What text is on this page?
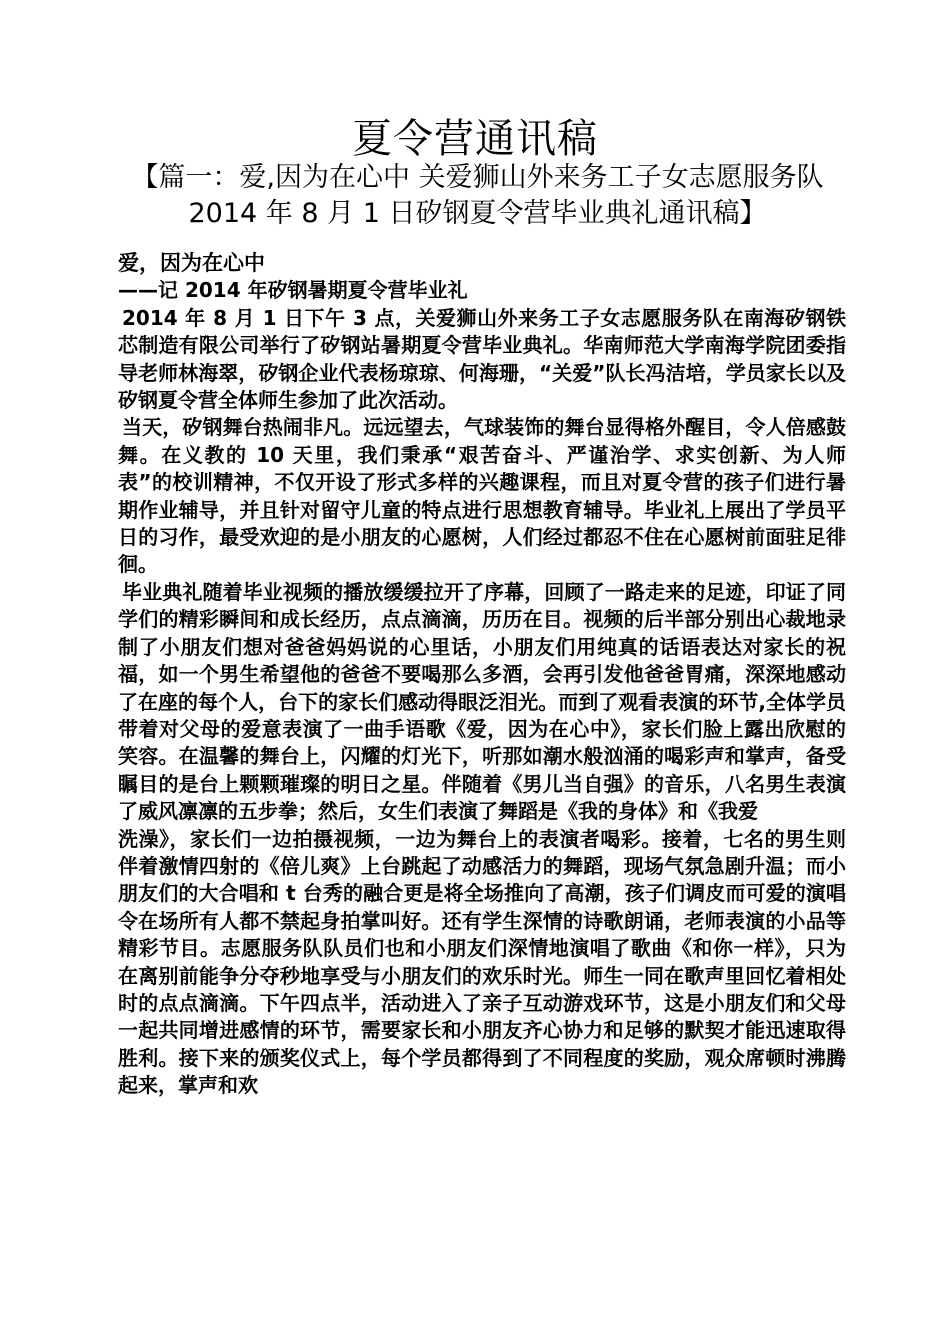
夏令营通讯稿

【篇一：爱,因为在心中 关爱狮山外来务工子女志愿服务队 2014 年 8 月 1 日矽钢夏令营毕业典礼通讯稿】

爱，因为在心中

——记 2014 年矽钢暑期夏令营毕业礼

2014 年 8 月 1 日下午 3 点，关爱狮山外来务工子女志愿服务队在南海矽钢铁芯制造有限公司举行了矽钢站暑期夏令营毕业典礼。华南师范大学南海学院团委指导老师林海翠，矽钢企业代表杨琼琼、何海珊，“关爱”队长冯洁培，学员家长以及矽钢夏令营全体师生参加了此次活动。

当天，矽钢舞台热闹非凡。远远望去，气球装饰的舞台显得格外醒目，令人倍感鼓舞。在义教的 10 天里，我们秉承“艰苦奋斗、严谨治学、求实创新、为人师表”的校训精神，不仅开设了形式多样的兴趣课程，而且对夏令营的孩子们进行暑期作业辅导，并且针对留守儿童的特点进行思想教育辅导。毕业礼上展出了学员平日的习作，最受欢迎的是小朋友的心愿树，人们经过都忍不住在心愿树前面驻足徘徊。

毕业典礼随着毕业视频的播放缓缓拉开了序幕，回顾了一路走来的足迹，印证了同学们的精彩瞬间和成长经历，点点滴滴，历历在目。视频的后半部分别出心裁地录制了小朋友们想对爸爸妈妈说的心里话，小朋友们用纯真的话语表达对家长的祝福，如一个男生希望他的爸爸不要喝那么多酒，会再引发他爸爸胃痛，深深地感动了在座的每个人，台下的家长们感动得眼泛泪光。而到了观看表演的环节,全体学员带着对父母的爱意表演了一曲手语歌《爱，因为在心中》，家长们脸上露出欣慰的笑容。在温馨的舞台上，闪耀的灯光下，听那如潮水般汹涌的喝彩声和掌声，备受瞩目的是台上颗颗璀璨的明日之星。伴随着《男儿当自强》的音乐，八名男生表演了威风凛凛的五步拳；然后，女生们表演了舞蹈是《我的身体》和《我爱

洗澡》，家长们一边拍摄视频，一边为舞台上的表演者喝彩。接着，七名的男生则伴着激情四射的《倍儿爽》上台跳起了动感活力的舞蹈，现场气氛急剧升温；而小朋友们的大合唱和 t 台秀的融合更是将全场推向了高潮，孩子们调皮而可爱的演唱令在场所有人都不禁起身拍掌叫好。还有学生深情的诗歌朗诵，老师表演的小品等精彩节目。志愿服务队队员们也和小朋友们深情地演唱了歌曲《和你一样》，只为在离别前能争分夺秒地享受与小朋友们的欢乐时光。师生一同在歌声里回忆着相处时的点点滴滴。下午四点半，活动进入了亲子互动游戏环节，这是小朋友们和父母一起共同增进感情的环节，需要家长和小朋友齐心协力和足够的默契才能迅速取得胜利。接下来的颁奖仪式上，每个学员都得到了不同程度的奖励，观众席顿时沸腾起来，掌声和欢
